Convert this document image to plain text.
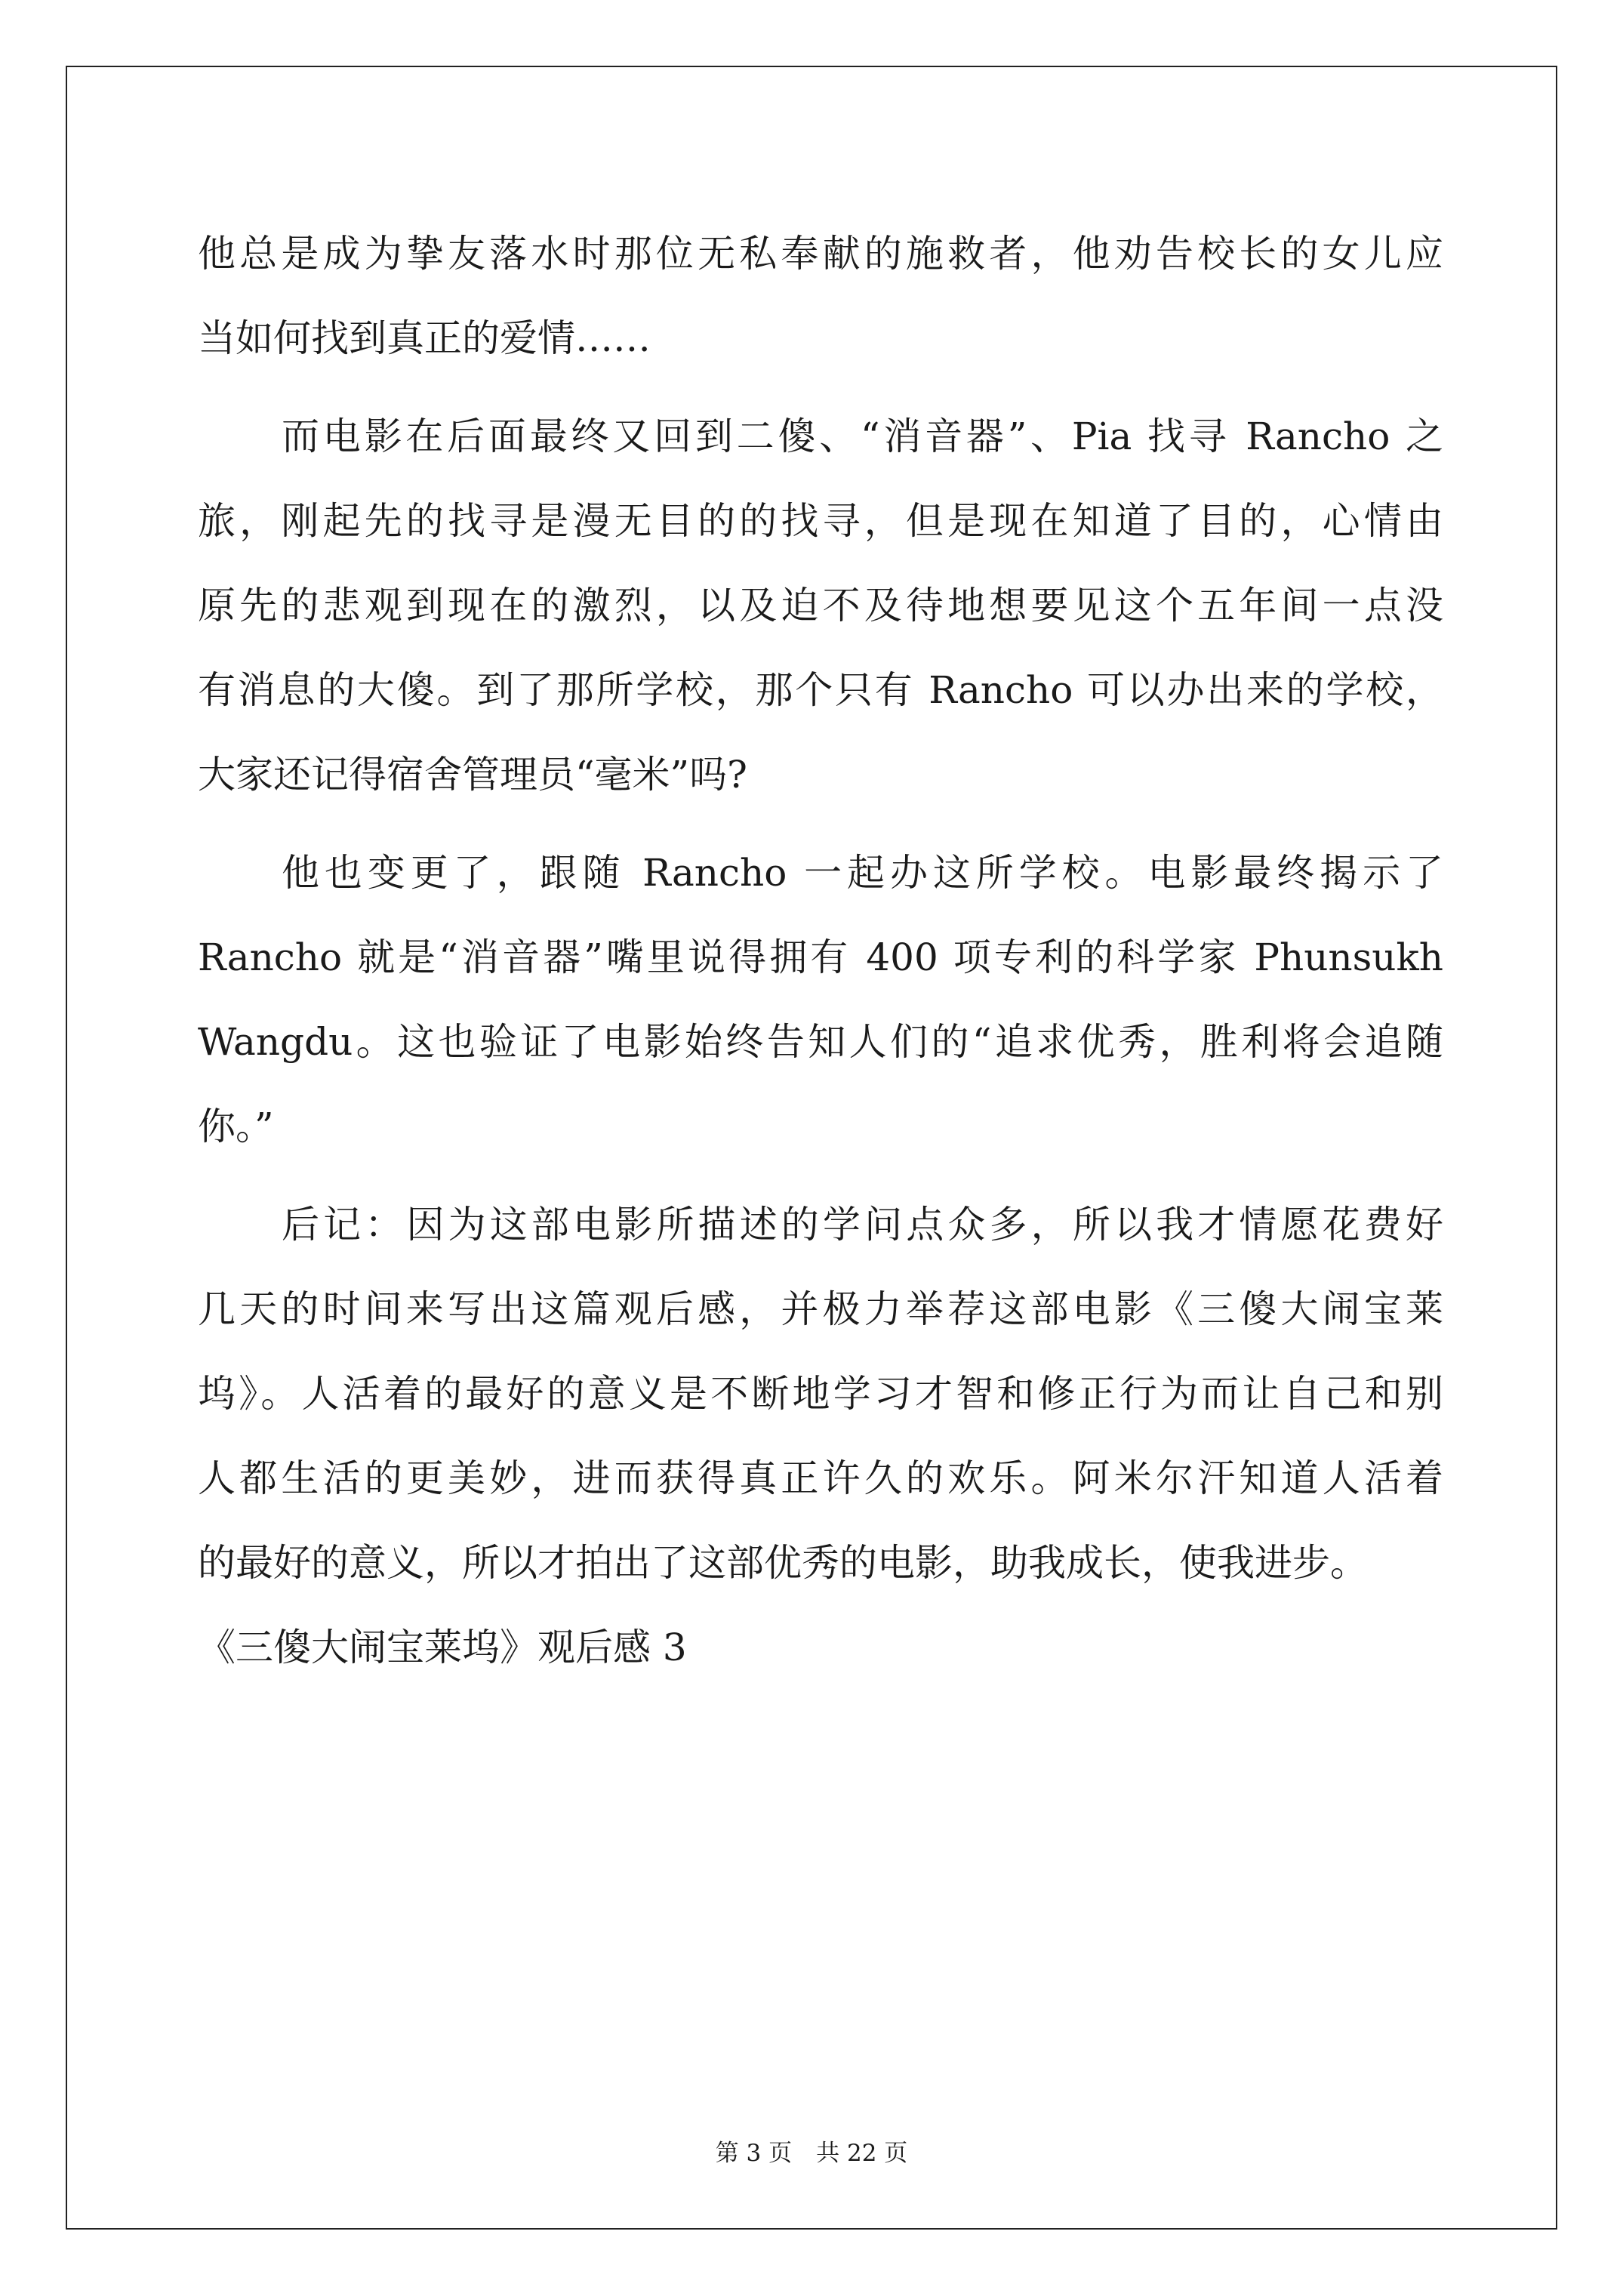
他总是成为挚友落水时那位无私奉献的施救者，他劝告校长的女儿应
当如何找到真正的爱情……
而电影在后面最终又回到二傻、“消音器”、Pia 找寻 Rancho 之
旅，刚起先的找寻是漫无目的的找寻，但是现在知道了目的，心情由
原先的悲观到现在的激烈，以及迫不及待地想要见这个五年间一点没
有消息的大傻。到了那所学校，那个只有 Rancho 可以办出来的学校，
大家还记得宿舍管理员“毫米”吗?
他也变更了，跟随 Rancho 一起办这所学校。电影最终揭示了
Rancho 就是“消音器”嘴里说得拥有 400 项专利的科学家 Phunsukh
Wangdu。这也验证了电影始终告知人们的“追求优秀，胜利将会追随
你。”
后记：因为这部电影所描述的学问点众多，所以我才情愿花费好
几天的时间来写出这篇观后感，并极力举荐这部电影《三傻大闹宝莱
坞》。人活着的最好的意义是不断地学习才智和修正行为而让自己和别
人都生活的更美妙，进而获得真正许久的欢乐。阿米尔汗知道人活着
的最好的意义，所以才拍出了这部优秀的电影，助我成长，使我进步。
《三傻大闹宝莱坞》观后感 3
第 3 页 共 22 页
